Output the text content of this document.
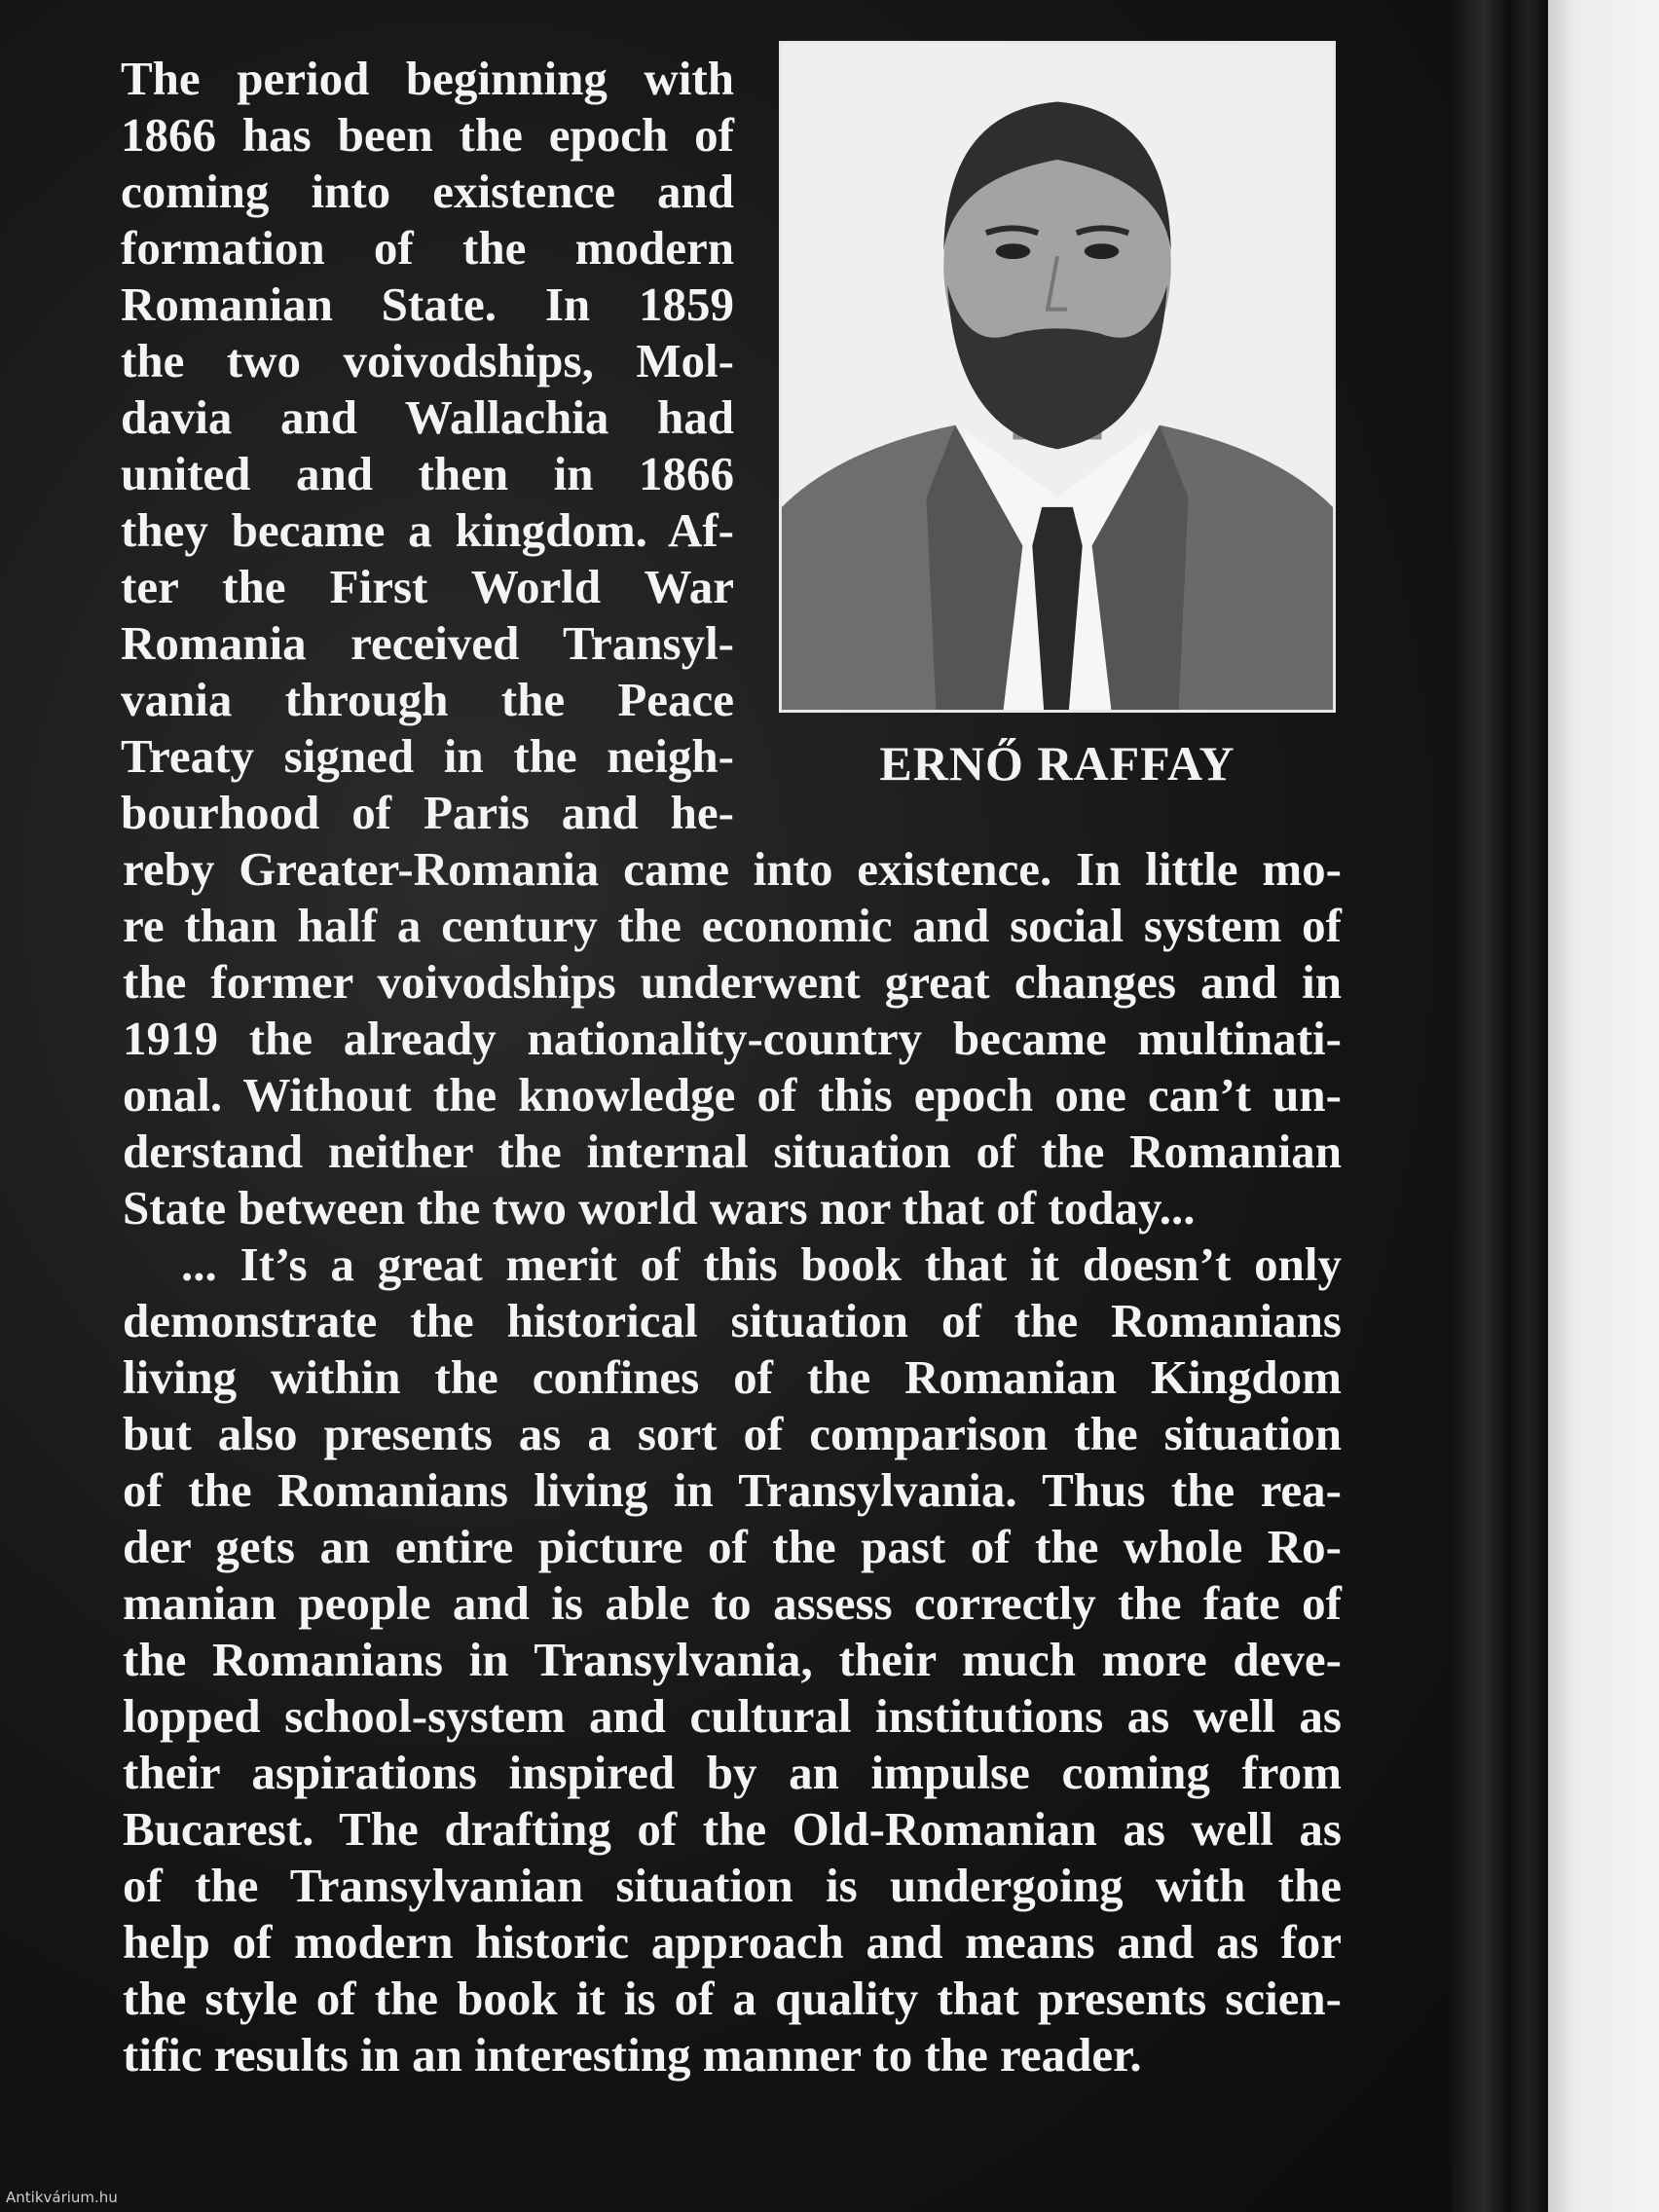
ERNŐ RAFFAY
The period beginning with
1866 has been the epoch of
coming into existence and
formation of the modern
Romanian State. In 1859
the two voivodships, Mol-
davia and Wallachia had
united and then in 1866
they became a kingdom. Af-
ter the First World War
Romania received Transyl-
vania through the Peace
Treaty signed in the neigh-
bourhood of Paris and he-
reby Greater-Romania came into existence. In little mo-
re than half a century the economic and social system of
the former voivodships underwent great changes and in
1919 the already nationality-country became multinati-
onal. Without the knowledge of this epoch one can’t un-
derstand neither the internal situation of the Romanian
State between the two world wars nor that of today...
... It’s a great merit of this book that it doesn’t only
demonstrate the historical situation of the Romanians
living within the confines of the Romanian Kingdom
but also presents as a sort of comparison the situation
of the Romanians living in Transylvania. Thus the rea-
der gets an entire picture of the past of the whole Ro-
manian people and is able to assess correctly the fate of
the Romanians in Transylvania, their much more deve-
lopped school-system and cultural institutions as well as
their aspirations inspired by an impulse coming from
Bucarest. The drafting of the Old-Romanian as well as
of the Transylvanian situation is undergoing with the
help of modern historic approach and means and as for
the style of the book it is of a quality that presents scien-
tific results in an interesting manner to the reader.
Antikvárium.hu
